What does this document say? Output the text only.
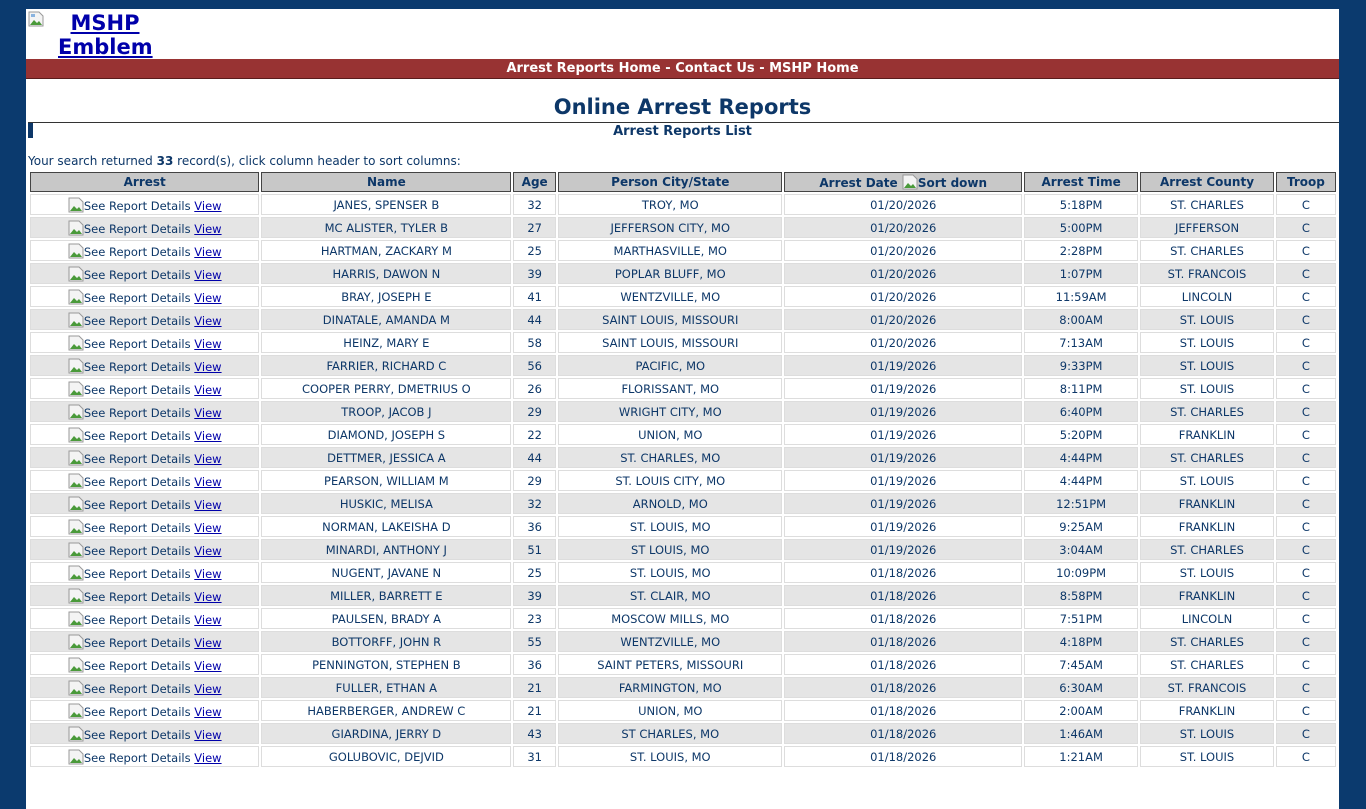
MSHP
Emblem
Arrest Reports Home - Contact Us - MSHP Home
Online Arrest Reports
Arrest Reports List
Your search returned 33 record(s), click column header to sort columns:
Arrest	Name	Age	Person City/State	Arrest Date Sort down	Arrest Time	Arrest County	Troop
See Report Details View	JANES, SPENSER B	32	TROY, MO	01/20/2026	5:18PM	ST. CHARLES	C
See Report Details View	MC ALISTER, TYLER B	27	JEFFERSON CITY, MO	01/20/2026	5:00PM	JEFFERSON	C
See Report Details View	HARTMAN, ZACKARY M	25	MARTHASVILLE, MO	01/20/2026	2:28PM	ST. CHARLES	C
See Report Details View	HARRIS, DAWON N	39	POPLAR BLUFF, MO	01/20/2026	1:07PM	ST. FRANCOIS	C
See Report Details View	BRAY, JOSEPH E	41	WENTZVILLE, MO	01/20/2026	11:59AM	LINCOLN	C
See Report Details View	DINATALE, AMANDA M	44	SAINT LOUIS, MISSOURI	01/20/2026	8:00AM	ST. LOUIS	C
See Report Details View	HEINZ, MARY E	58	SAINT LOUIS, MISSOURI	01/20/2026	7:13AM	ST. LOUIS	C
See Report Details View	FARRIER, RICHARD C	56	PACIFIC, MO	01/19/2026	9:33PM	ST. LOUIS	C
See Report Details View	COOPER PERRY, DMETRIUS O	26	FLORISSANT, MO	01/19/2026	8:11PM	ST. LOUIS	C
See Report Details View	TROOP, JACOB J	29	WRIGHT CITY, MO	01/19/2026	6:40PM	ST. CHARLES	C
See Report Details View	DIAMOND, JOSEPH S	22	UNION, MO	01/19/2026	5:20PM	FRANKLIN	C
See Report Details View	DETTMER, JESSICA A	44	ST. CHARLES, MO	01/19/2026	4:44PM	ST. CHARLES	C
See Report Details View	PEARSON, WILLIAM M	29	ST. LOUIS CITY, MO	01/19/2026	4:44PM	ST. LOUIS	C
See Report Details View	HUSKIC, MELISA	32	ARNOLD, MO	01/19/2026	12:51PM	FRANKLIN	C
See Report Details View	NORMAN, LAKEISHA D	36	ST. LOUIS, MO	01/19/2026	9:25AM	FRANKLIN	C
See Report Details View	MINARDI, ANTHONY J	51	ST LOUIS, MO	01/19/2026	3:04AM	ST. CHARLES	C
See Report Details View	NUGENT, JAVANE N	25	ST. LOUIS, MO	01/18/2026	10:09PM	ST. LOUIS	C
See Report Details View	MILLER, BARRETT E	39	ST. CLAIR, MO	01/18/2026	8:58PM	FRANKLIN	C
See Report Details View	PAULSEN, BRADY A	23	MOSCOW MILLS, MO	01/18/2026	7:51PM	LINCOLN	C
See Report Details View	BOTTORFF, JOHN R	55	WENTZVILLE, MO	01/18/2026	4:18PM	ST. CHARLES	C
See Report Details View	PENNINGTON, STEPHEN B	36	SAINT PETERS, MISSOURI	01/18/2026	7:45AM	ST. CHARLES	C
See Report Details View	FULLER, ETHAN A	21	FARMINGTON, MO	01/18/2026	6:30AM	ST. FRANCOIS	C
See Report Details View	HABERBERGER, ANDREW C	21	UNION, MO	01/18/2026	2:00AM	FRANKLIN	C
See Report Details View	GIARDINA, JERRY D	43	ST CHARLES, MO	01/18/2026	1:46AM	ST. LOUIS	C
See Report Details View	GOLUBOVIC, DEJVID	31	ST. LOUIS, MO	01/18/2026	1:21AM	ST. LOUIS	C
